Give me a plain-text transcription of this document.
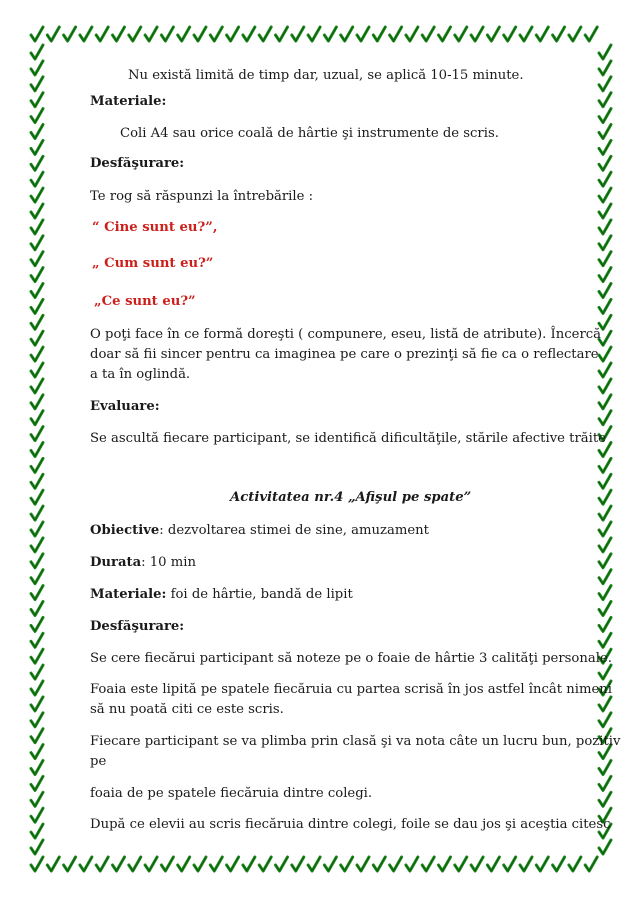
Nu există limită de timp dar, uzual, se aplică 10-15 minute.
Materiale:
Coli A4 sau orice coală de hârtie şi instrumente de scris.
Desfăşurare:
Te rog să răspunzi la întrebările :
“ Cine sunt eu?”,
„ Cum sunt eu?”
„Ce sunt eu?”
O poţi face în ce formă doreşti ( compunere, eseu, listă de atribute). Încercă
doar să fii sincer pentru ca imaginea pe care o prezinţi să fie ca o reflectare
a ta în oglindă.
Evaluare:
Se ascultă fiecare participant, se identifică dificultăţile, stările afective trăite
Activitatea nr.4 „Afişul pe spate”
Obiective: dezvoltarea stimei de sine, amuzament
Durata: 10 min
Materiale: foi de hârtie, bandă de lipit
Desfăşurare:
Se cere fiecărui participant să noteze pe o foaie de hârtie 3 calităţi personale.
Foaia este lipită pe spatele fiecăruia cu partea scrisă în jos astfel încât nimeni
să nu poată citi ce este scris.
Fiecare participant se va plimba prin clasă şi va nota câte un lucru bun, pozitiv
pe
foaia de pe spatele fiecăruia dintre colegi.
După ce elevii au scris fiecăruia dintre colegi, foile se dau jos şi aceştia citesc
